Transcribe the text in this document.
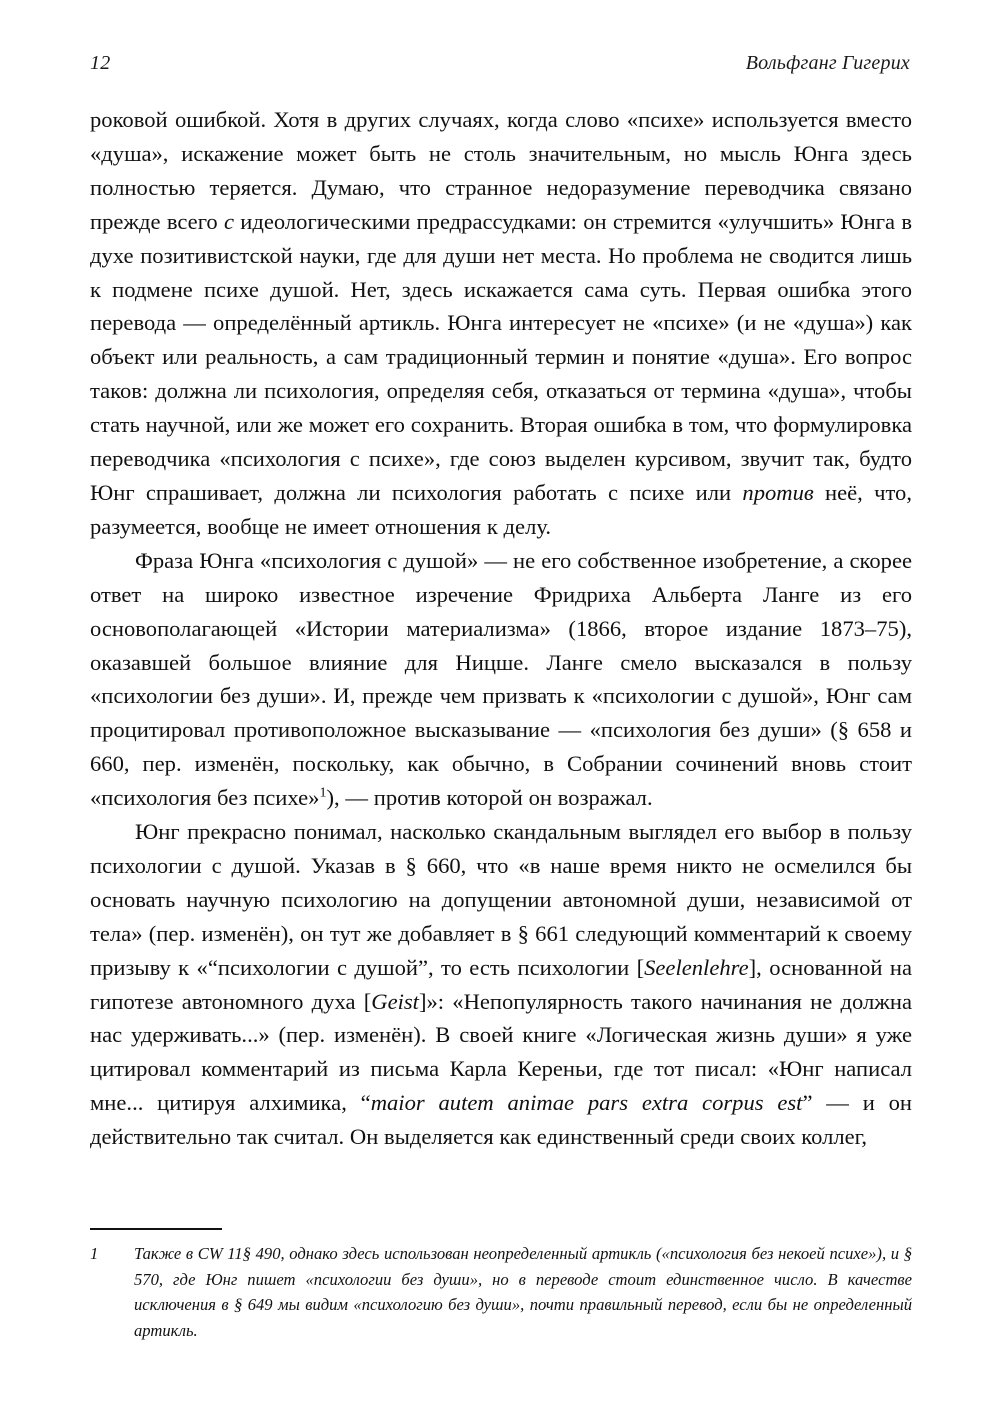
12	Вольфганг Гигерих

роковой ошибкой. Хотя в других случаях, когда слово «психе» используется вместо «душа», искажение может быть не столь значительным, но мысль Юнга здесь полностью теряется. Думаю, что странное недоразумение переводчика связано прежде всего с идеологическими предрассудками: он стремится «улучшить» Юнга в духе позитивистской науки, где для души нет места. Но проблема не сводится лишь к подмене психе душой. Нет, здесь искажается сама суть. Первая ошибка этого перевода — определённый артикль. Юнга интересует не «психе» (и не «душа») как объект или реальность, а сам традиционный термин и понятие «душа». Его вопрос таков: должна ли психология, определяя себя, отказаться от термина «душа», чтобы стать научной, или же может его сохранить. Вторая ошибка в том, что формулировка переводчика «психология с психе», где союз выделен курсивом, звучит так, будто Юнг спрашивает, должна ли психология работать с психе или против неё, что, разумеется, вообще не имеет отношения к делу.

Фраза Юнга «психология с душой» — не его собственное изобретение, а скорее ответ на широко известное изречение Фридриха Альберта Ланге из его основополагающей «Истории материализма» (1866, второе издание 1873–75), оказавшей большое влияние для Ницше. Ланге смело высказался в пользу «психологии без души». И, прежде чем призвать к «психологии с душой», Юнг сам процитировал противоположное высказывание — «психология без души» (§ 658 и 660, пер. изменён, поскольку, как обычно, в Собрании сочинений вновь стоит «психология без психе»$^1$), — против которой он возражал.

Юнг прекрасно понимал, насколько скандальным выглядел его выбор в пользу психологии с душой. Указав в § 660, что «в наше время никто не осмелился бы основать научную психологию на допущении автономной души, независимой от тела» (пер. изменён), он тут же добавляет в § 661 следующий комментарий к своему призыву к «“психологии с душой”, то есть психологии [Seelenlehre], основанной на гипотезе автономного духа [Geist]»: «Непопулярность такого начинания не должна нас удерживать...» (пер. изменён). В своей книге «Логическая жизнь души» я уже цитировал комментарий из письма Карла Кереньи, где тот писал: «Юнг написал мне... цитируя алхимика, “maior autem animae pars extra corpus est” — и он действительно так считал. Он выделяется как единственный среди своих коллег,

1	Также в CW 11§ 490, однако здесь использован неопределенный артикль («психология без некоей психе»), и § 570, где Юнг пишет «психологии без души», но в переводе стоит единственное число. В качестве исключения в § 649 мы видим «психологию без души», почти правильный перевод, если бы не определенный артикль.
